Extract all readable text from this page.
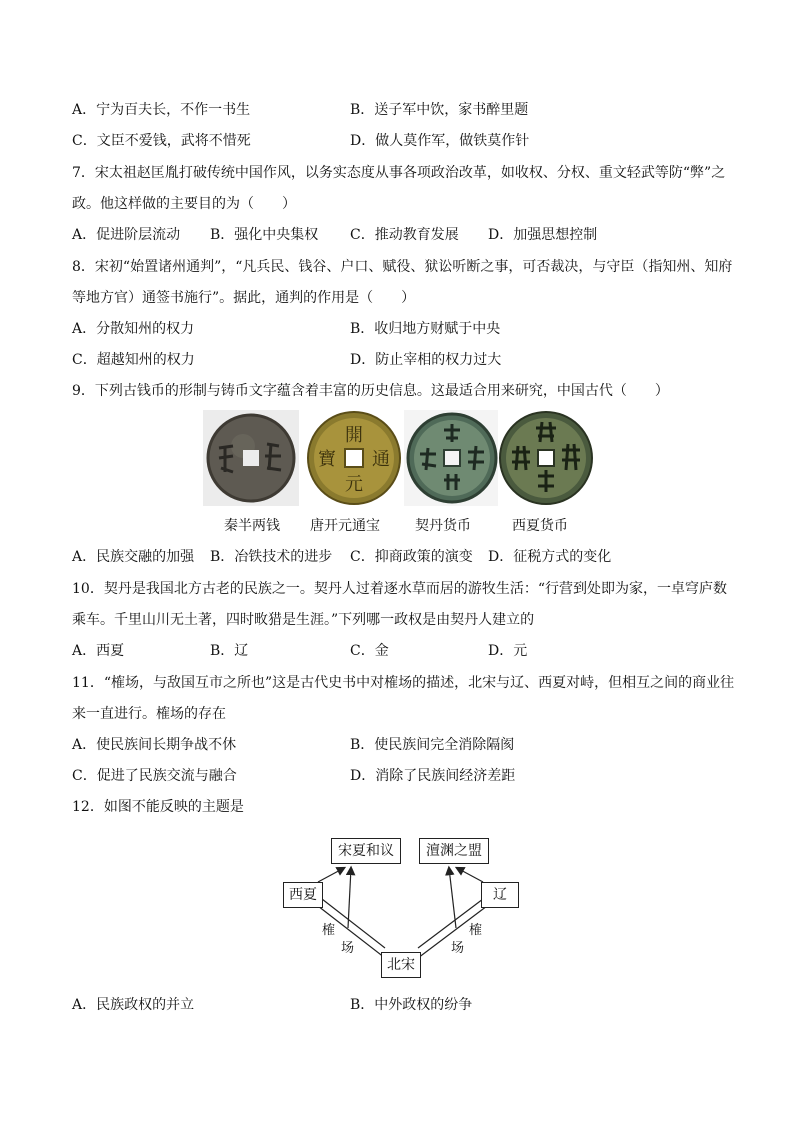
A．宁为百夫长，不作一书生	B．送子军中饮，家书醉里题
C．文臣不爱钱，武将不惜死	D．做人莫作军，做铁莫作针
7．宋太祖赵匡胤打破传统中国作风，以务实态度从事各项政治改革，如收权、分权、重文轻武等防“弊”之
政。他这样做的主要目的为（　　）
A．促进阶层流动 B．强化中央集权 C．推动教育发展 D．加强思想控制
8．宋初“始置诸州通判”，“凡兵民、钱谷、户口、赋役、狱讼听断之事，可否裁决，与守臣（指知州、知府
等地方官）通签书施行”。据此，通判的作用是（　　）
A．分散知州的权力	B．收归地方财赋于中央
C．超越知州的权力	D．防止宰相的权力过大
9．下列古钱币的形制与铸币文字蕴含着丰富的历史信息。这最适合用来研究，中国古代（　　）
開
元
寶 通
秦半两钱 唐开元通宝	契丹货币	西夏货币
A．民族交融的加强 B．冶铁技术的进步 C．抑商政策的演变 D．征税方式的变化
10．契丹是我国北方古老的民族之一。契丹人过着逐水草而居的游牧生活：“行营到处即为家，一卓穹庐数
乘车。千里山川无土著，四时畋猎是生涯。”下列哪一政权是由契丹人建立的
A．西夏	B．辽	C．金	D．元
11．“榷场，与敌国互市之所也”这是古代史书中对榷场的描述，北宋与辽、西夏对峙，但相互之间的商业往
来一直进行。榷场的存在
A．使民族间长期争战不休	B．使民族间完全消除隔阂
C．促进了民族交流与融合	D．消除了民族间经济差距
12．如图不能反映的主题是
宋夏和议	澶渊之盟
西夏	辽
北宋
榷
场
榷
场
A．民族政权的并立	B．中外政权的纷争
